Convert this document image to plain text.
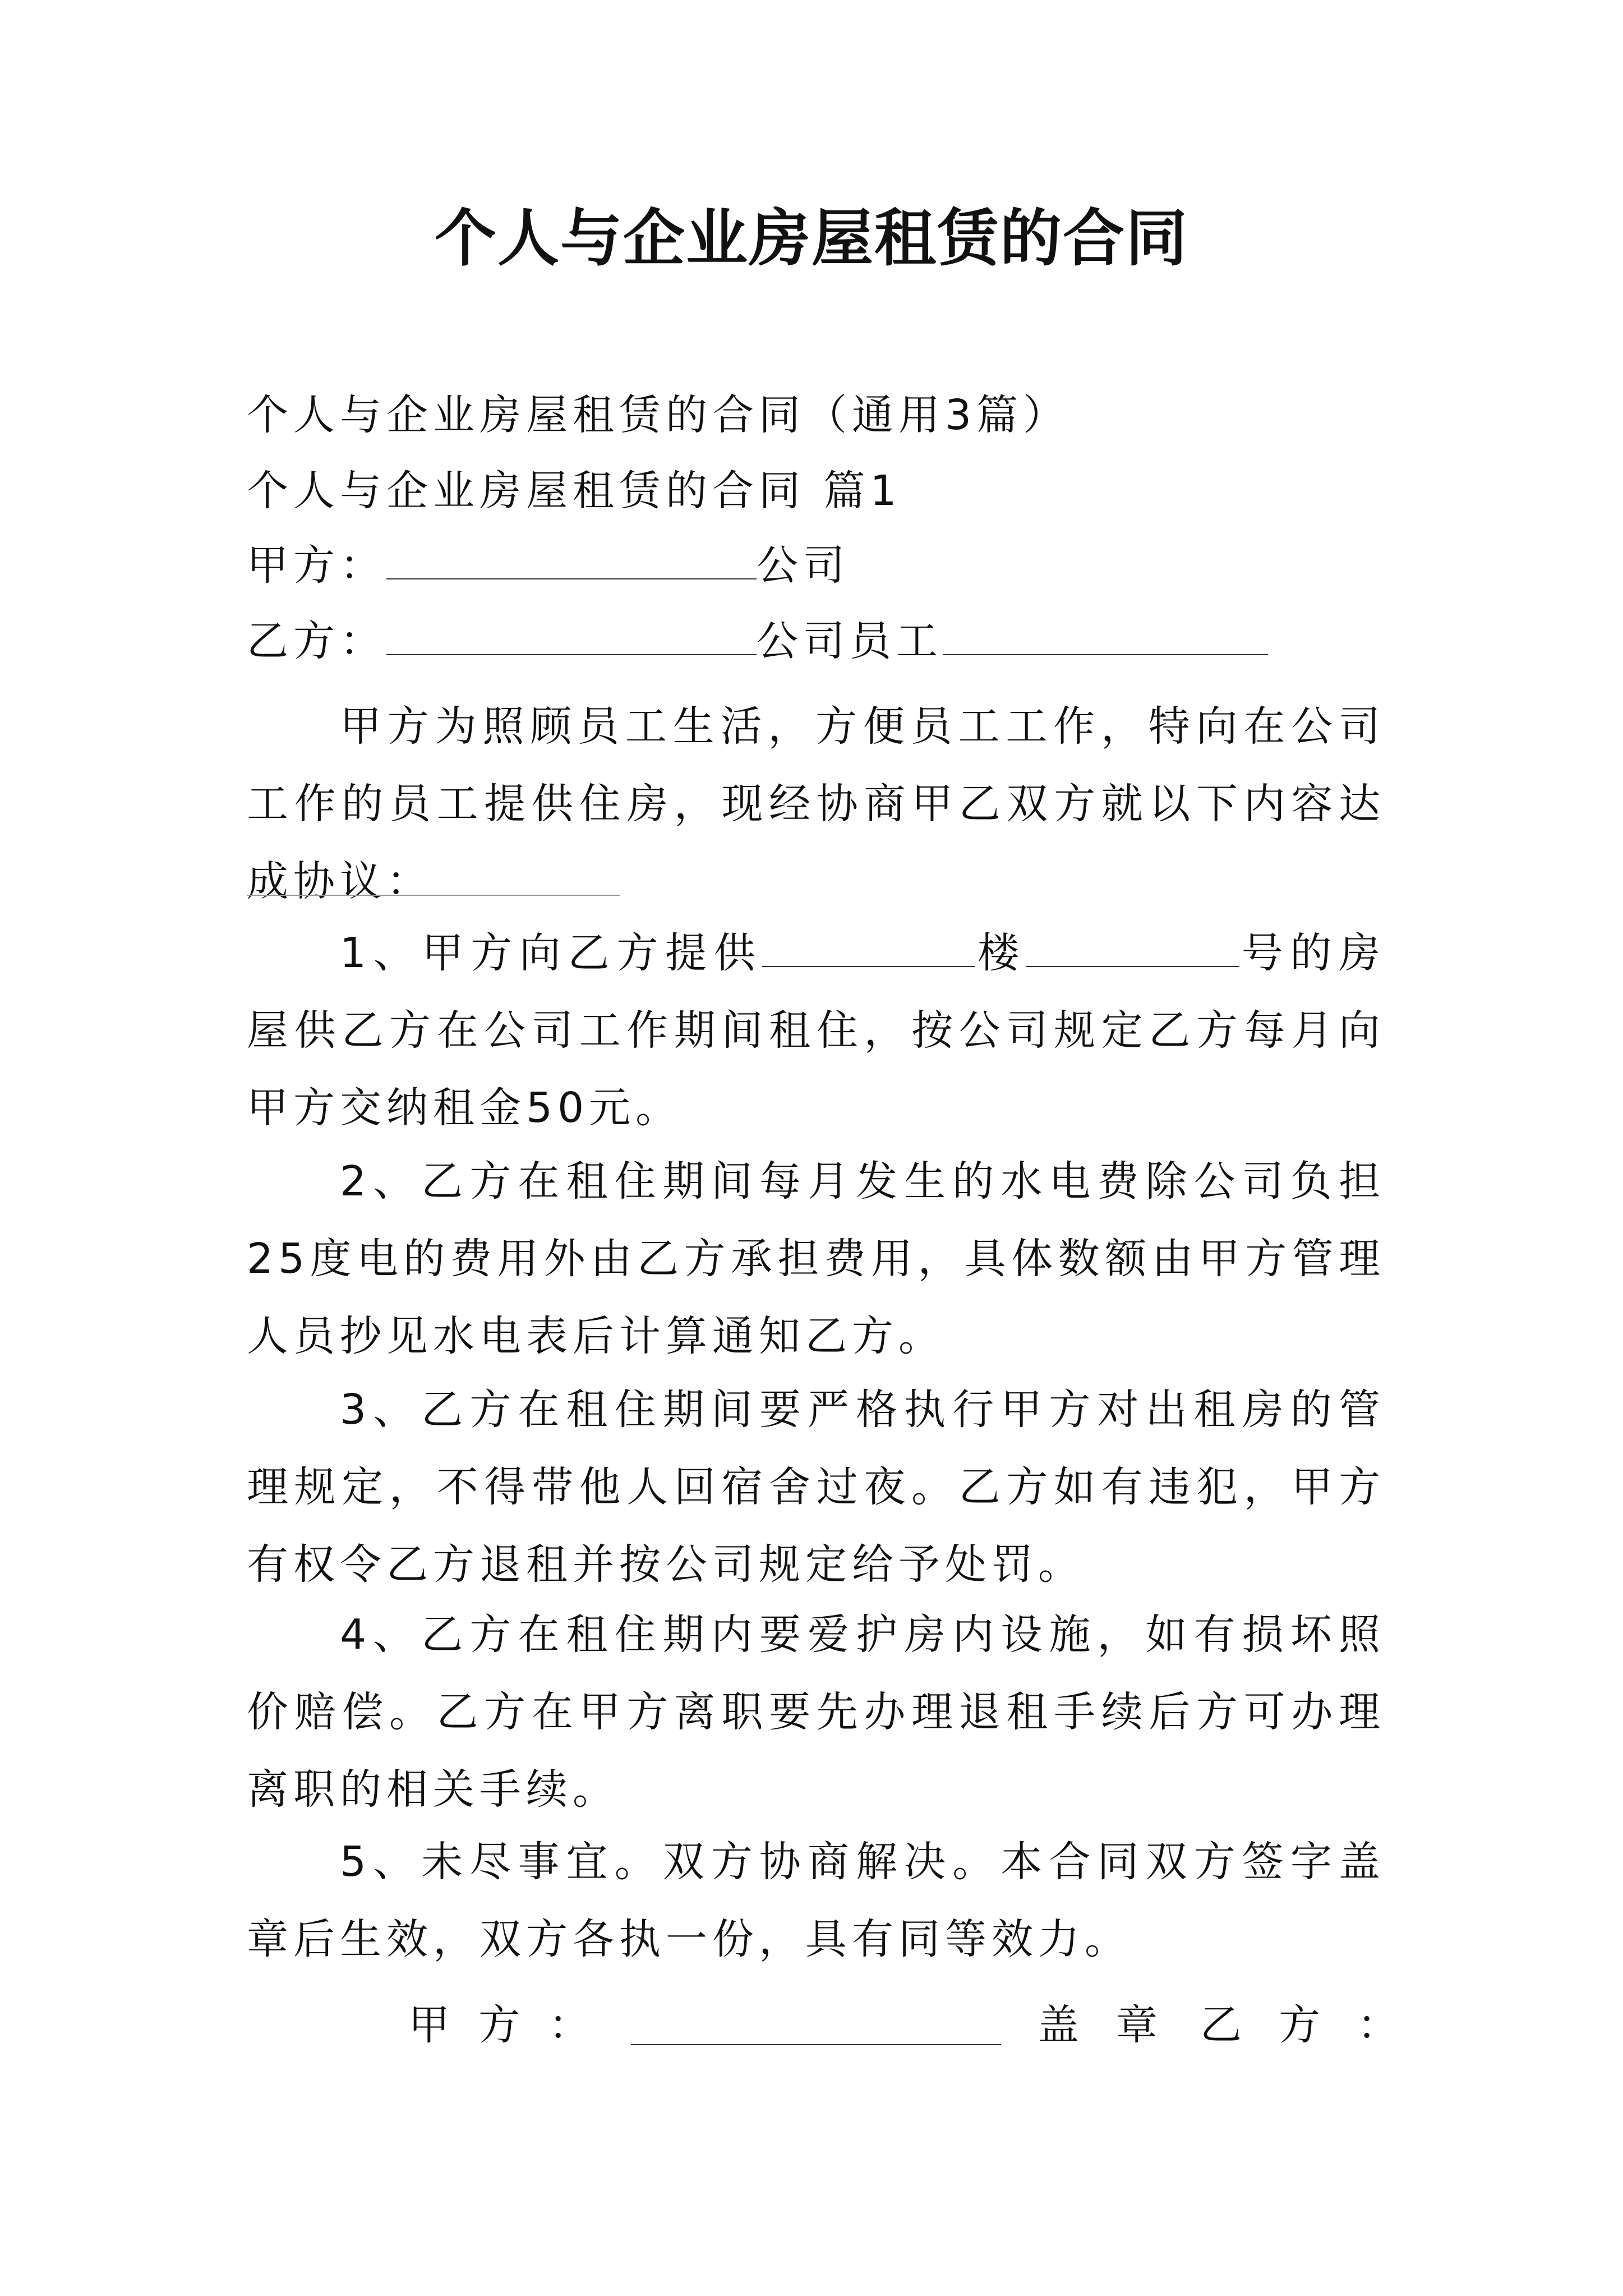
个人与企业房屋租赁的合同

个人与企业房屋租赁的合同（通用3篇）

个人与企业房屋租赁的合同 篇1

甲方：	公司

乙方：	公司员工

甲方为照顾员工生活，方便员工工作，特向在公司工作的员工提供住房，现经协商甲乙双方就以下内容达成协议：

1、甲方向乙方提供	楼	号的房屋供乙方在公司工作期间租住，按公司规定乙方每月向甲方交纳租金50元。

2、乙方在租住期间每月发生的水电费除公司负担25度电的费用外由乙方承担费用，具体数额由甲方管理人员抄见水电表后计算通知乙方。

3、乙方在租住期间要严格执行甲方对出租房的管理规定，不得带他人回宿舍过夜。乙方如有违犯，甲方有权令乙方退租并按公司规定给予处罚。

4、乙方在租住期内要爱护房内设施，如有损坏照价赔偿。乙方在甲方离职要先办理退租手续后方可办理离职的相关手续。

5、未尽事宜。双方协商解决。本合同双方签字盖章后生效，双方各执一份，具有同等效力。

甲 方 ：	盖 章 乙 方 ：
